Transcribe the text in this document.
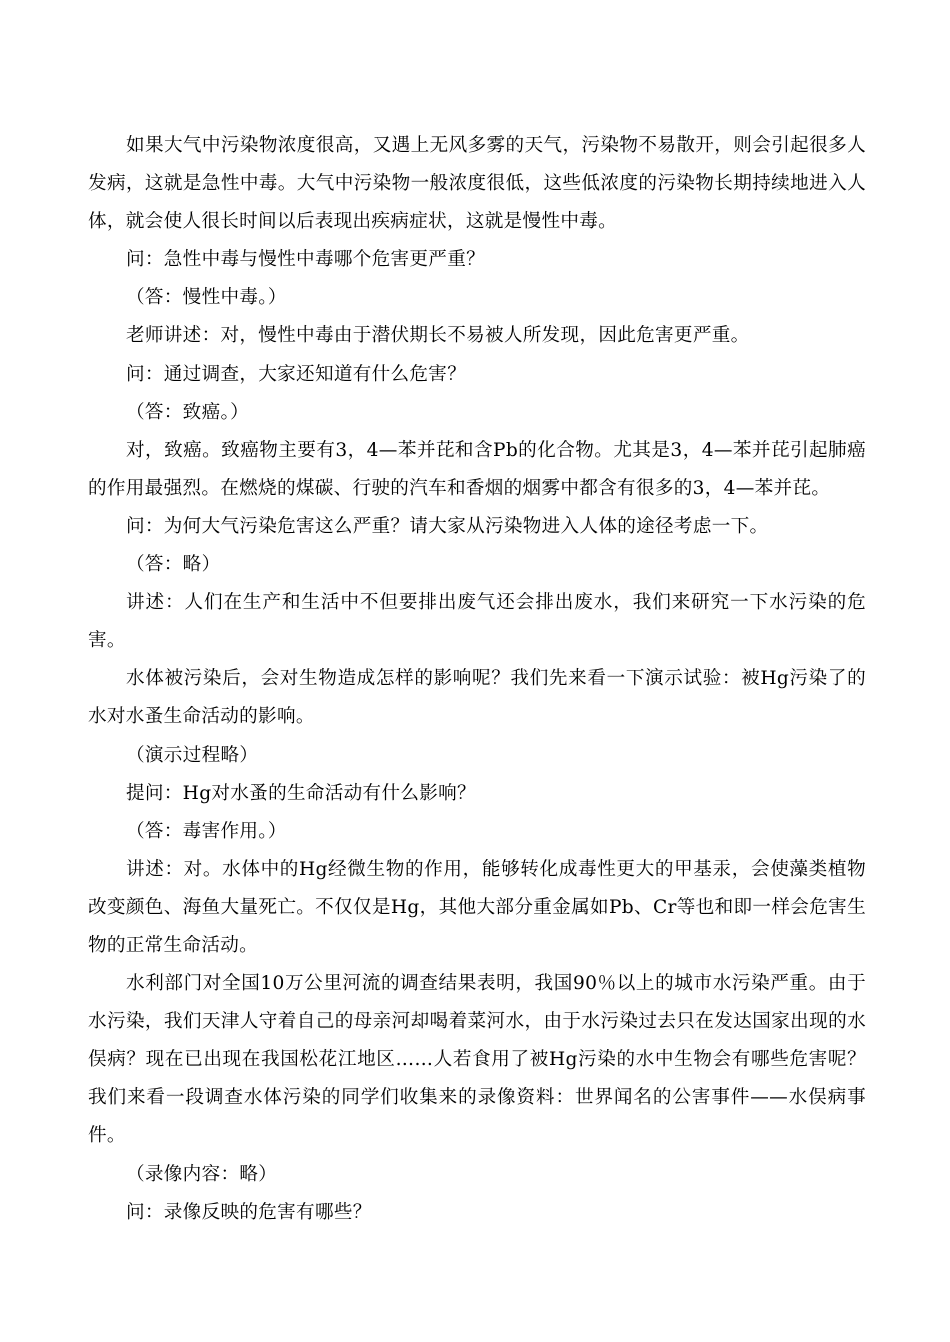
如果大气中污染物浓度很高，又遇上无风多雾的天气，污染物不易散开，则会引起很多人发病，这就是急性中毒。大气中污染物一般浓度很低，这些低浓度的污染物长期持续地进入人体，就会使人很长时间以后表现出疾病症状，这就是慢性中毒。

问：急性中毒与慢性中毒哪个危害更严重？

（答：慢性中毒。）

老师讲述：对，慢性中毒由于潜伏期长不易被人所发现，因此危害更严重。

问：通过调查，大家还知道有什么危害？

（答：致癌。）

对，致癌。致癌物主要有3，4—苯并芘和含Pb的化合物。尤其是3，4—苯并芘引起肺癌的作用最强烈。在燃烧的煤碳、行驶的汽车和香烟的烟雾中都含有很多的3，4—苯并芘。

问：为何大气污染危害这么严重？请大家从污染物进入人体的途径考虑一下。

（答：略）

讲述：人们在生产和生活中不但要排出废气还会排出废水，我们来研究一下水污染的危害。

水体被污染后，会对生物造成怎样的影响呢？我们先来看一下演示试验：被Hg污染了的水对水蚤生命活动的影响。

（演示过程略）

提问：Hg对水蚤的生命活动有什么影响？

（答：毒害作用。）

讲述：对。水体中的Hg经微生物的作用，能够转化成毒性更大的甲基汞，会使藻类植物改变颜色、海鱼大量死亡。不仅仅是Hg，其他大部分重金属如Pb、Cr等也和即一样会危害生物的正常生命活动。

水利部门对全国10万公里河流的调查结果表明，我国90％以上的城市水污染严重。由于水污染，我们天津人守着自己的母亲河却喝着菜河水，由于水污染过去只在发达国家出现的水俣病？现在已出现在我国松花江地区……人若食用了被Hg污染的水中生物会有哪些危害呢？我们来看一段调查水体污染的同学们收集来的录像资料：世界闻名的公害事件——水俣病事件。

（录像内容：略）

问：录像反映的危害有哪些？
